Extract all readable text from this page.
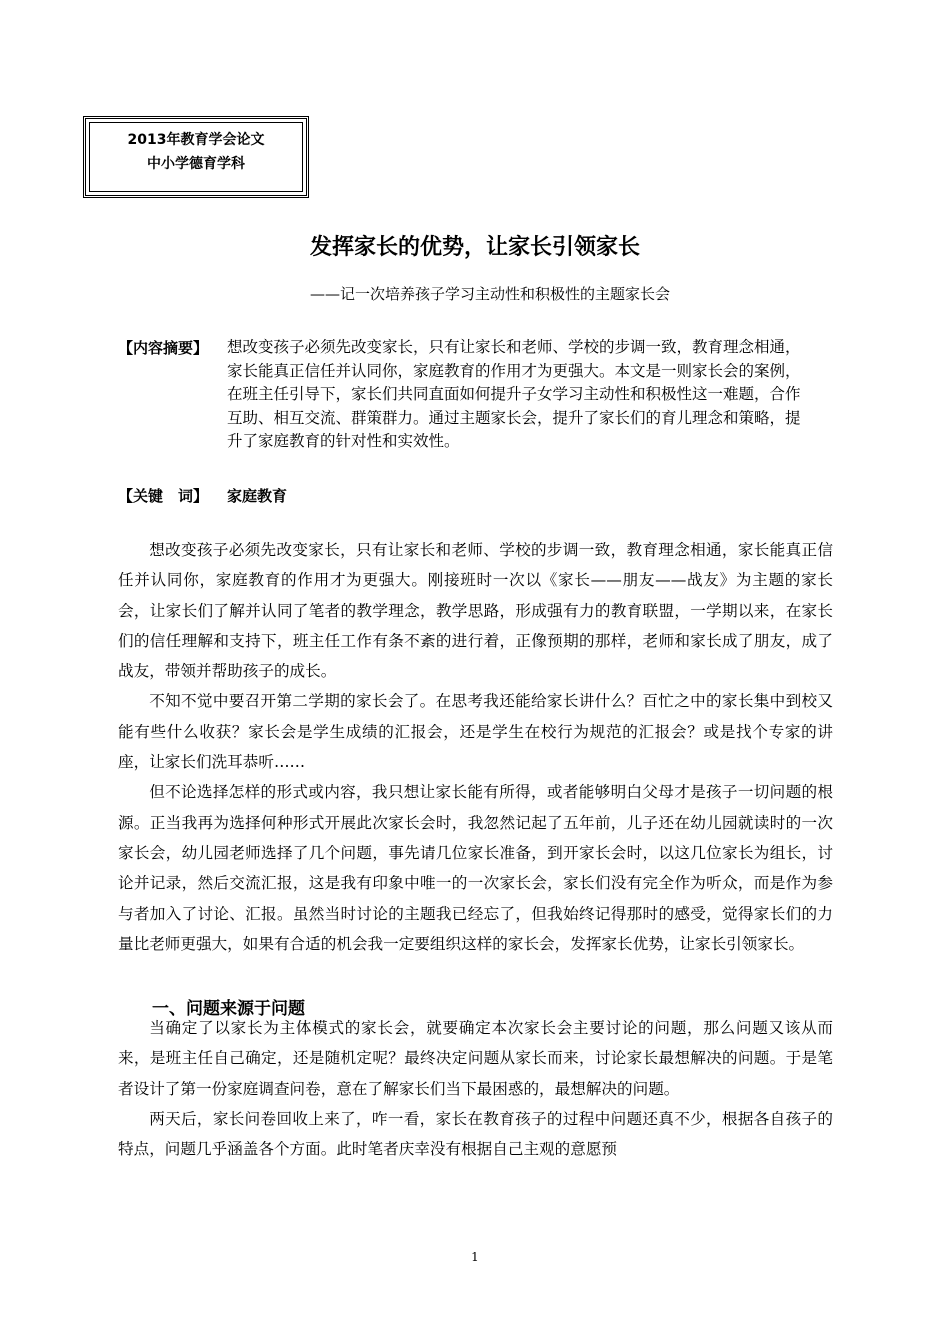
2013年教育学会论文
中小学德育学科
发挥家长的优势，让家长引领家长
——记一次培养孩子学习主动性和积极性的主题家长会
【内容摘要】 想改变孩子必须先改变家长，只有让家长和老师、学校的步调一致，教育理念相通，家长能真正信任并认同你，家庭教育的作用才为更强大。本文是一则家长会的案例，在班主任引导下，家长们共同直面如何提升子女学习主动性和积极性这一难题，合作互助、相互交流、群策群力。通过主题家长会，提升了家长们的育儿理念和策略，提升了家庭教育的针对性和实效性。
【关键　词】 家庭教育

想改变孩子必须先改变家长，只有让家长和老师、学校的步调一致，教育理念相通，家长能真正信任并认同你，家庭教育的作用才为更强大。刚接班时一次以《家长——朋友——战友》为主题的家长会，让家长们了解并认同了笔者的教学理念，教学思路，形成强有力的教育联盟，一学期以来，在家长们的信任理解和支持下，班主任工作有条不紊的进行着，正像预期的那样，老师和家长成了朋友，成了战友，带领并帮助孩子的成长。

不知不觉中要召开第二学期的家长会了。在思考我还能给家长讲什么？百忙之中的家长集中到校又能有些什么收获？家长会是学生成绩的汇报会，还是学生在校行为规范的汇报会？或是找个专家的讲座，让家长们洗耳恭听……

但不论选择怎样的形式或内容，我只想让家长能有所得，或者能够明白父母才是孩子一切问题的根源。正当我再为选择何种形式开展此次家长会时，我忽然记起了五年前，儿子还在幼儿园就读时的一次家长会，幼儿园老师选择了几个问题，事先请几位家长准备，到开家长会时，以这几位家长为组长，讨论并记录，然后交流汇报，这是我有印象中唯一的一次家长会，家长们没有完全作为听众，而是作为参与者加入了讨论、汇报。虽然当时讨论的主题我已经忘了，但我始终记得那时的感受，觉得家长们的力量比老师更强大，如果有合适的机会我一定要组织这样的家长会，发挥家长优势，让家长引领家长。

一、问题来源于问题

当确定了以家长为主体模式的家长会，就要确定本次家长会主要讨论的问题，那么问题又该从而来，是班主任自己确定，还是随机定呢？最终决定问题从家长而来，讨论家长最想解决的问题。于是笔者设计了第一份家庭调查问卷，意在了解家长们当下最困惑的，最想解决的问题。

两天后，家长问卷回收上来了，咋一看，家长在教育孩子的过程中问题还真不少，根据各自孩子的特点，问题几乎涵盖各个方面。此时笔者庆幸没有根据自己主观的意愿预

1
